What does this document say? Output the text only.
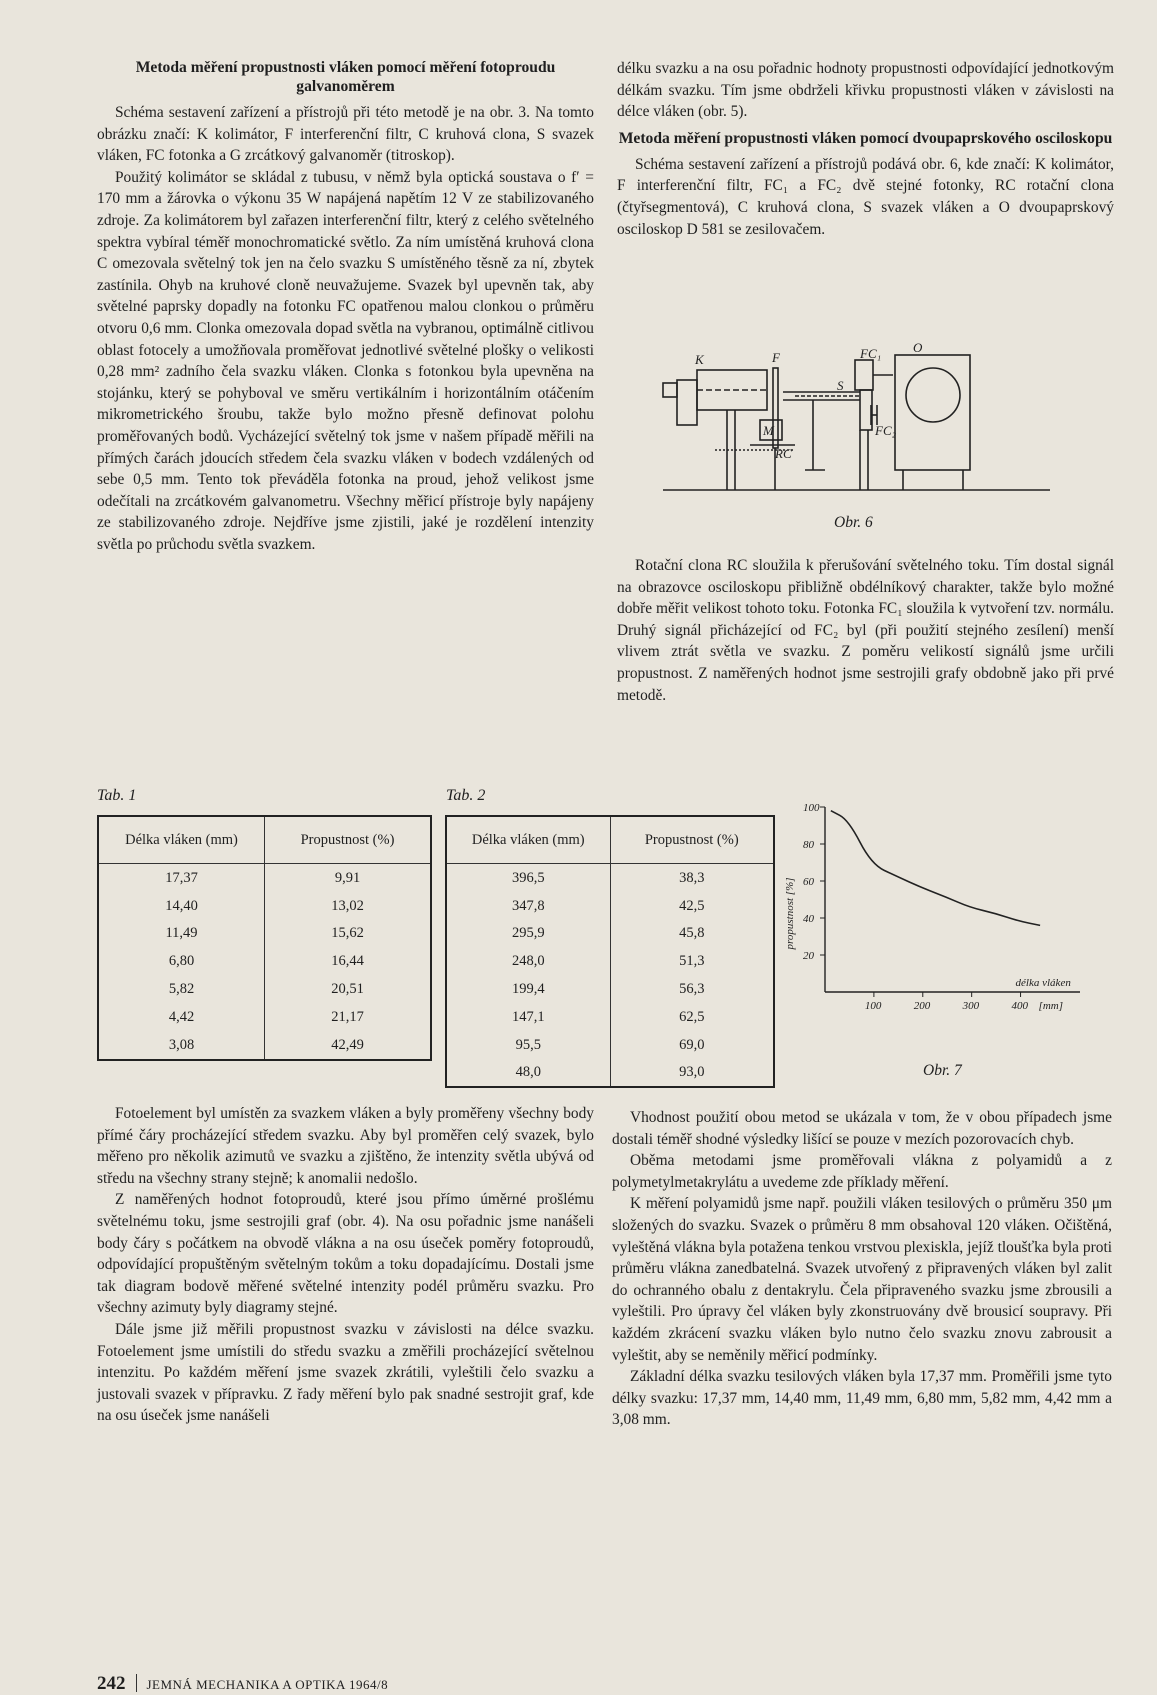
Metoda měření propustnosti vláken pomocí měření fotoproudu galvanoměrem

Schéma sestavení zařízení a přístrojů při této metodě je na obr. 3. Na tomto obrázku značí: K kolimátor, F interferenční filtr, C kruhová clona, S svazek vláken, FC fotonka a G zrcátkový galvanoměr (titroskop).

Použitý kolimátor se skládal z tubusu, v němž byla optická soustava o f′ = 170 mm a žárovka o výkonu 35 W napájená napětím 12 V ze stabilizovaného zdroje. Za kolimátorem byl zařazen interferenční filtr, který z celého světelného spektra vybíral téměř monochromatické světlo. Za ním umístěná kruhová clona C omezovala světelný tok jen na čelo svazku S umístěného těsně za ní, zbytek zastínila. Ohyb na kruhové cloně neuvažujeme. Svazek byl upevněn tak, aby světelné paprsky dopadly na fotonku FC opatřenou malou clonkou o průměru otvoru 0,6 mm. Clonka omezovala dopad světla na vybranou, optimálně citlivou oblast fotocely a umožňovala proměřovat jednotlivé světelné plošky o velikosti 0,28 mm² zadního čela svazku vláken. Clonka s fotonkou byla upevněna na stojánku, který se pohyboval ve směru vertikálním i horizontálním otáčením mikrometrického šroubu, takže bylo možno přesně definovat polohu proměřovaných bodů. Vycházející světelný tok jsme v našem případě měřili na přímých čarách jdoucích středem čela svazku vláken v bodech vzdálených od sebe 0,5 mm. Tento tok převáděla fotonka na proud, jehož velikost jsme odečítali na zrcátkovém galvanometru. Všechny měřicí přístroje byly napájeny ze stabilizovaného zdroje. Nejdříve jsme zjistili, jaké je rozdělení intenzity světla po průchodu světla svazkem.

délku svazku a na osu pořadnic hodnoty propustnosti odpovídající jednotkovým délkám svazku. Tím jsme obdrželi křivku propustnosti vláken v závislosti na délce vláken (obr. 5).

Metoda měření propustnosti vláken pomocí dvoupaprskového osciloskopu

Schéma sestavení zařízení a přístrojů podává obr. 6, kde značí: K kolimátor, F interferenční filtr, FC₁ a FC₂ dvě stejné fotonky, RC rotační clona (čtyřsegmentová), C kruhová clona, S svazek vláken a O dvoupaprskový osciloskop D 581 se zesilovačem.

K	F	FC₁ O
S
M
RC
FC₂
Obr. 6

Rotační clona RC sloužila k přerušování světelného toku. Tím dostal signál na obrazovce osciloskopu přibližně obdélníkový charakter, takže bylo možné dobře měřit velikost tohoto toku. Fotonka FC₁ sloužila k vytvoření tzv. normálu. Druhý signál přicházející od FC₂ byl (při použití stejného zesílení) menší vlivem ztrát světla ve svazku. Z poměru velikostí signálů jsme určili propustnost. Z naměřených hodnot jsme sestrojili grafy obdobně jako při prvé metodě.

Tab. 1	Tab. 2
Délka vláken (mm)	Propustnost (%)
17,37	9,91
14,40	13,02
11,49	15,62
6,80	16,44
5,82	20,51
4,42	21,17
3,08	42,49
Délka vláken (mm)	Propustnost (%)
396,5	38,3
347,8	42,5
295,9	45,8
248,0	51,3
199,4	56,3
147,1	62,5
95,5	69,0
48,0	93,0
20
40
60
80
100
100	200	300	400 [mm]
délka vláken
propustnost [%]
Obr. 7

Fotoelement byl umístěn za svazkem vláken a byly proměřeny všechny body přímé čáry procházející středem svazku. Aby byl proměřen celý svazek, bylo měřeno pro několik azimutů ve svazku a zjištěno, že intenzity světla ubývá od středu na všechny strany stejně; k anomalii nedošlo.

Z naměřených hodnot fotoproudů, které jsou přímo úměrné prošlému světelnému toku, jsme sestrojili graf (obr. 4). Na osu pořadnic jsme nanášeli body čáry s počátkem na obvodě vlákna a na osu úseček poměry fotoproudů, odpovídající propuštěným světelným tokům a toku dopadajícímu. Dostali jsme tak diagram bodově měřené světelné intenzity podél průměru svazku. Pro všechny azimuty byly diagramy stejné.

Dále jsme již měřili propustnost svazku v závislosti na délce svazku. Fotoelement jsme umístili do středu svazku a změřili procházející světelnou intenzitu. Po každém měření jsme svazek zkrátili, vyleštili čelo svazku a justovali svazek v přípravku. Z řady měření bylo pak snadné sestrojit graf, kde na osu úseček jsme nanášeli

Vhodnost použití obou metod se ukázala v tom, že v obou případech jsme dostali téměř shodné výsledky lišící se pouze v mezích pozorovacích chyb.

Oběma metodami jsme proměřovali vlákna z polyamidů a z polymetylmetakrylátu a uvedeme zde příklady měření.

K měření polyamidů jsme např. použili vláken tesilových o průměru 350 μm složených do svazku. Svazek o průměru 8 mm obsahoval 120 vláken. Očištěná, vyleštěná vlákna byla potažena tenkou vrstvou plexiskla, jejíž tloušťka byla proti průměru vlákna zanedbatelná. Svazek utvořený z připravených vláken byl zalit do ochranného obalu z dentakrylu. Čela připraveného svazku jsme zbrousili a vyleštili. Pro úpravy čel vláken byly zkonstruovány dvě brousicí soupravy. Při každém zkrácení svazku vláken bylo nutno čelo svazku znovu zabrousit a vyleštit, aby se neměnily měřicí podmínky.

Základní délka svazku tesilových vláken byla 17,37 mm. Proměřili jsme tyto délky svazku: 17,37 mm, 14,40 mm, 11,49 mm, 6,80 mm, 5,82 mm, 4,42 mm a 3,08 mm.

242 JEMNÁ MECHANIKA A OPTIKA 1964/8
